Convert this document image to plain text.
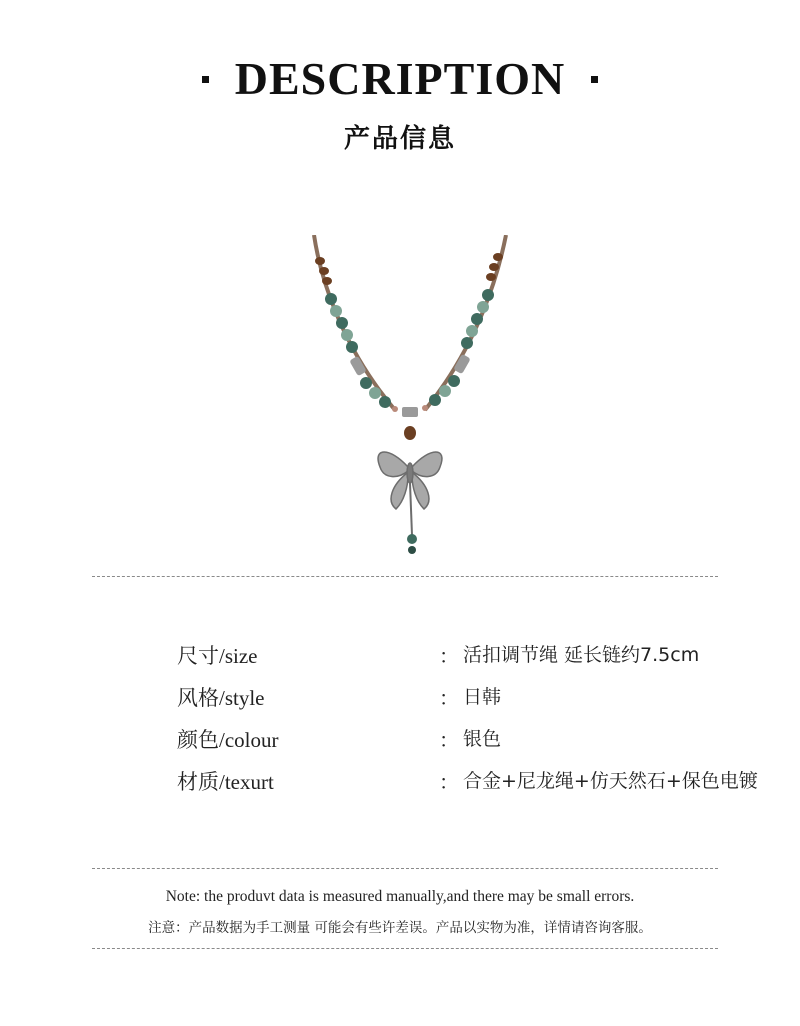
DESCRIPTION
产品信息
尺寸/size	： 活扣调节绳 延长链约7.5cm
风格/style	： 日韩
颜色/colour	： 银色
材质/texurt	： 合金+尼龙绳+仿天然石+保色电镀
Note: the produvt data is measured manually,and there may be small errors.
注意：产品数据为手工测量 可能会有些许差误。产品以实物为准，详情请咨询客服。
